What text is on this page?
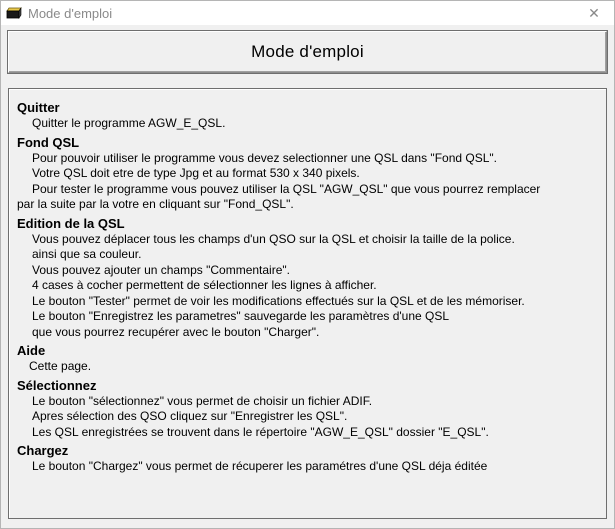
Mode d'emploi	✕
Mode d'emploi
Quitter
Quitter le programme AGW_E_QSL.
Fond QSL
Pour pouvoir utiliser le programme vous devez selectionner une QSL dans "Fond QSL".
Votre QSL doit etre de type Jpg et au format 530 x 340 pixels.
Pour tester le programme vous pouvez utiliser la QSL "AGW_QSL" que vous pourrez remplacer
par la suite par la votre en cliquant sur "Fond_QSL".
Edition de la QSL
Vous pouvez déplacer tous les champs d'un QSO sur la QSL et choisir la taille de la police.
ainsi que sa couleur.
Vous pouvez ajouter un champs "Commentaire".
4 cases à cocher permettent de sélectionner les lignes à afficher.
Le bouton "Tester" permet de voir les modifications effectués sur la QSL et de les mémoriser.
Le bouton "Enregistrez les parametres" sauvegarde les paramètres d'une QSL
que vous pourrez recupérer avec le bouton "Charger".
Aide
Cette page.
Sélectionnez
Le bouton "sélectionnez" vous permet de choisir un fichier ADIF.
Apres sélection des QSO cliquez sur "Enregistrer les QSL".
Les QSL enregistrées se trouvent dans le répertoire "AGW_E_QSL" dossier "E_QSL".
Chargez
Le bouton "Chargez" vous permet de récuperer les paramétres d'une QSL déja éditée
